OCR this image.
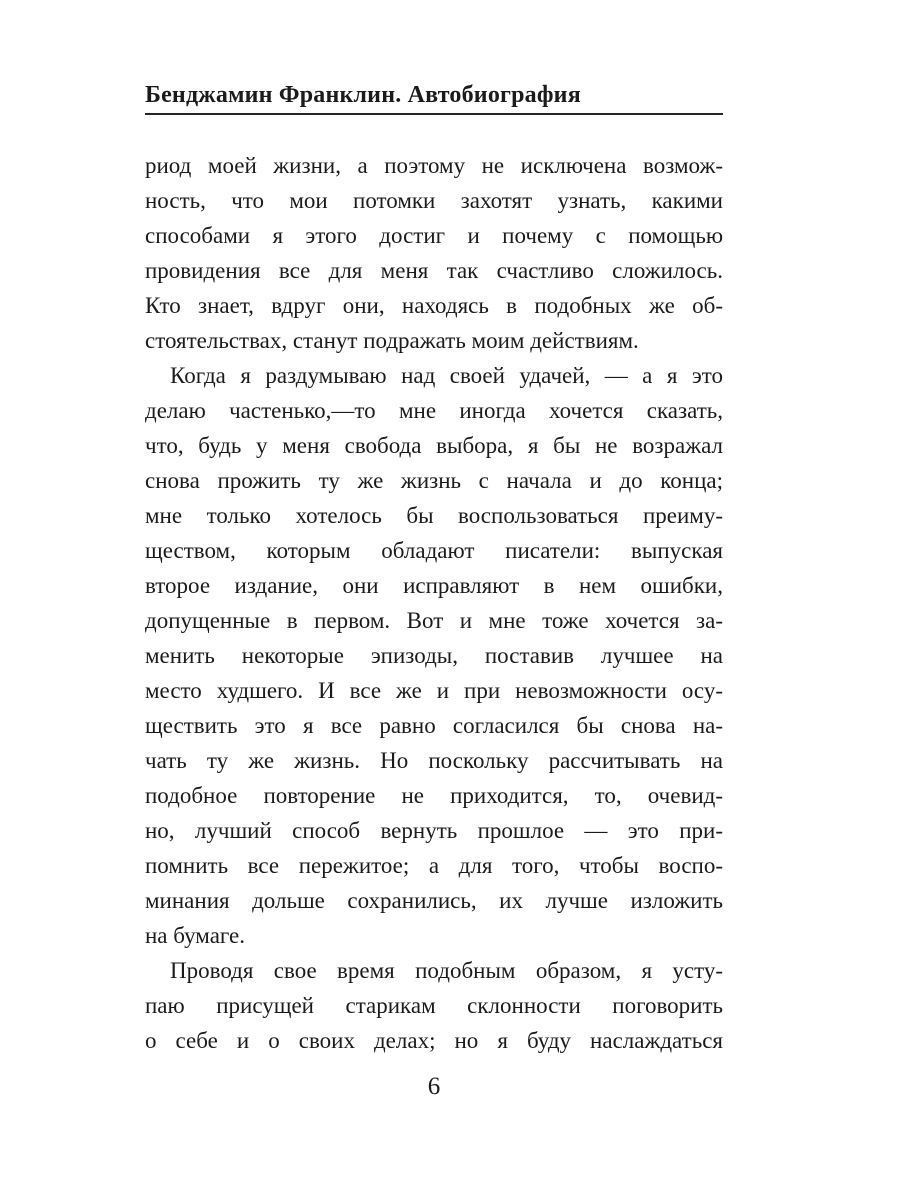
Бенджамин Франклин. Автобиография
риод моей жизни, а поэтому не исключена возмож-
ность, что мои потомки захотят узнать, какими
способами я этого достиг и почему с помощью
провидения все для меня так счастливо сложилось.
Кто знает, вдруг они, находясь в подобных же об-
стоятельствах, станут подражать моим действиям.
Когда я раздумываю над своей удачей, — а я это
делаю частенько,—то мне иногда хочется сказать,
что, будь у меня свобода выбора, я бы не возражал
снова прожить ту же жизнь с начала и до конца;
мне только хотелось бы воспользоваться преиму-
ществом, которым обладают писатели: выпуская
второе издание, они исправляют в нем ошибки,
допущенные в первом. Вот и мне тоже хочется за-
менить некоторые эпизоды, поставив лучшее на
место худшего. И все же и при невозможности осу-
ществить это я все равно согласился бы снова на-
чать ту же жизнь. Но поскольку рассчитывать на
подобное повторение не приходится, то, очевид-
но, лучший способ вернуть прошлое — это при-
помнить все пережитое; а для того, чтобы воспо-
минания дольше сохранились, их лучше изложить
на бумаге.
Проводя свое время подобным образом, я усту-
паю присущей старикам склонности поговорить
о себе и о своих делах; но я буду наслаждаться
6
